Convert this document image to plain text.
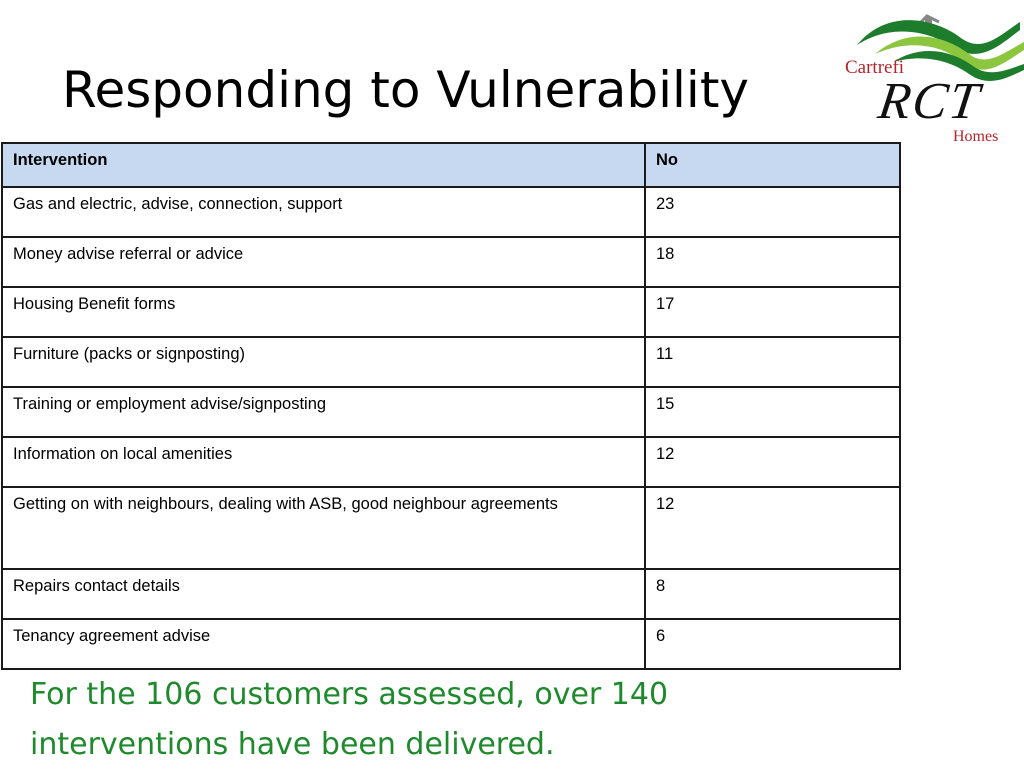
Responding to Vulnerability	Cartrefi
RCT
Homes
Intervention	No
Gas and electric, advise, connection, support	23
Money advise referral or advice	18
Housing Benefit forms	17
Furniture (packs or signposting)	11
Training or employment advise/signposting	15
Information on local amenities	12
Getting on with neighbours, dealing with ASB, good neighbour agreements	12
Repairs contact details	8
Tenancy agreement advise	6

For the 106 customers assessed, over 140 interventions have been delivered.
